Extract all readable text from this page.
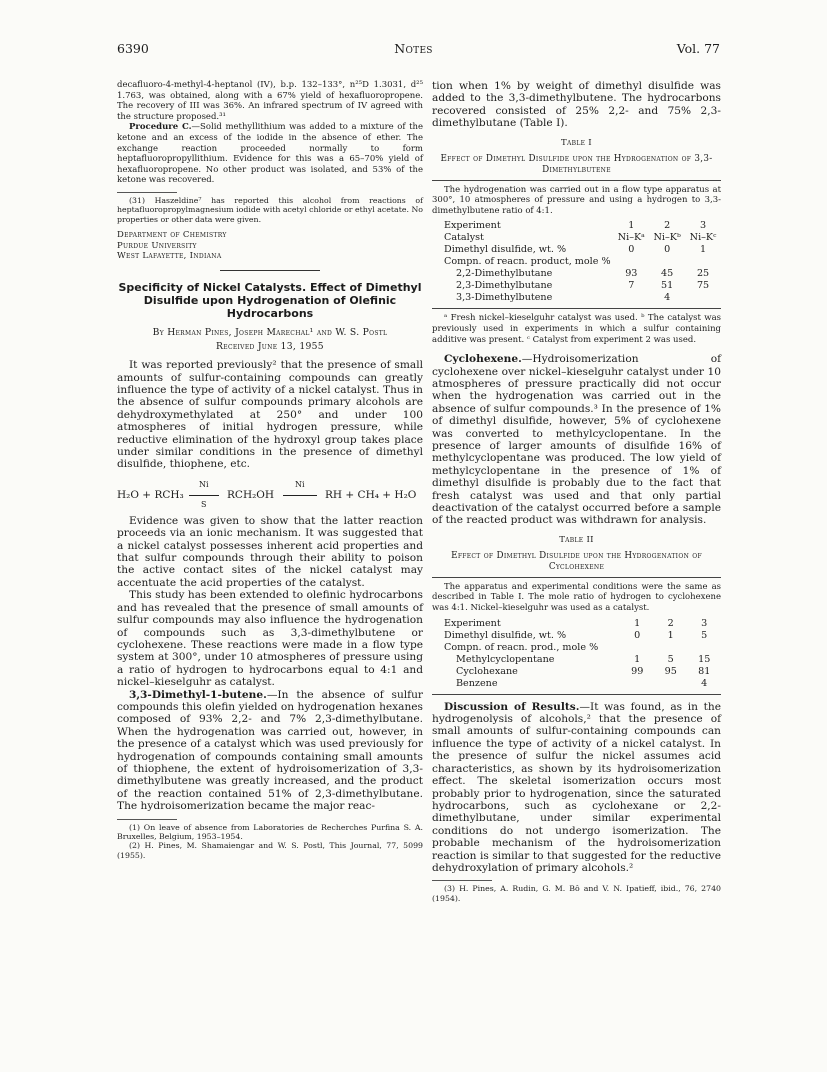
6390	Notes	Vol. 77

decafluoro-4-methyl-4-heptanol (IV), b.p. 132–133°, n²⁵D 1.3031, d²⁵ 1.763, was obtained, along with a 67% yield of hexafluoropropene. The recovery of III was 36%. An infrared spectrum of IV agreed with the structure proposed.³¹

Procedure C.—Solid methyllithium was added to a mixture of the ketone and an excess of the iodide in the absence of ether. The exchange reaction proceeded normally to form heptafluoropropyllithium. Evidence for this was a 65–70% yield of hexafluoropropene. No other product was isolated, and 53% of the ketone was recovered.

(31) Haszeldine⁷ has reported this alcohol from reactions of heptafluoropropylmagnesium iodide with acetyl chloride or ethyl acetate. No properties or other data were given.

Department of Chemistry
Purdue University
West Lafayette, Indiana
Specificity of Nickel Catalysts. Effect of Dimethyl Disulfide upon Hydrogenation of Olefinic Hydrocarbons
By Herman Pines, Joseph Marechal¹ and W. S. Postl
Received June 13, 1955

It was reported previously² that the presence of small amounts of sulfur-containing compounds can greatly influence the type of activity of a nickel catalyst. Thus in the absence of sulfur compounds primary alcohols are dehydroxymethylated at 250° and under 100 atmospheres of initial hydrogen pressure, while reductive elimination of the hydroxyl group takes place under similar conditions in the presence of dimethyl disulfide, thiophene, etc.

H₂O + RCH₃
Ni
S
RCH₂OH
Ni
RH + CH₄ + H₂O

Evidence was given to show that the latter reaction proceeds via an ionic mechanism. It was suggested that a nickel catalyst possesses inherent acid properties and that sulfur compounds through their ability to poison the active contact sites of the nickel catalyst may accentuate the acid properties of the catalyst.

This study has been extended to olefinic hydrocarbons and has revealed that the presence of small amounts of sulfur compounds may also influence the hydrogenation of compounds such as 3,3-dimethylbutene or cyclohexene. These reactions were made in a flow type system at 300°, under 10 atmospheres of pressure using a ratio of hydrogen to hydrocarbons equal to 4:1 and nickel–kieselguhr as catalyst.

3,3-Dimethyl-1-butene.—In the absence of sulfur compounds this olefin yielded on hydrogenation hexanes composed of 93% 2,2- and 7% 2,3-dimethylbutane. When the hydrogenation was carried out, however, in the presence of a catalyst which was used previously for hydrogenation of compounds containing small amounts of thiophene, the extent of hydroisomerization of 3,3-dimethylbutene was greatly increased, and the product of the reaction contained 51% of 2,3-dimethylbutane. The hydroisomerization became the major reac-

(1) On leave of absence from Laboratories de Recherches Purfina S. A. Bruxelles, Belgium, 1953–1954.

(2) H. Pines, M. Shamaiengar and W. S. Postl, This Journal, 77, 5099 (1955).

tion when 1% by weight of dimethyl disulfide was added to the 3,3-dimethylbutene. The hydrocarbons recovered consisted of 25% 2,2- and 75% 2,3-dimethylbutane (Table I).

Table I
Effect of Dimethyl Disulfide upon the Hydrogenation of 3,3-Dimethylbutene

The hydrogenation was carried out in a flow type apparatus at 300°, 10 atmospheres of pressure and using a hydrogen to 3,3-dimethylbutene ratio of 4:1.

Experiment	1	2	3
Catalyst	Ni–Kᵃ	Ni–Kᵇ	Ni–Kᶜ
Dimethyl disulfide, wt. %	0	0	1
Compn. of reacn. product, mole %			
2,2-Dimethylbutane	93	45	25
2,3-Dimethylbutane	7	51	75
3,3-Dimethylbutene		4	

ᵃ Fresh nickel–kieselguhr catalyst was used. ᵇ The catalyst was previously used in experiments in which a sulfur containing additive was present. ᶜ Catalyst from experiment 2 was used.

Cyclohexene.—Hydroisomerization of cyclohexene over nickel–kieselguhr catalyst under 10 atmospheres of pressure practically did not occur when the hydrogenation was carried out in the absence of sulfur compounds.³ In the presence of 1% of dimethyl disulfide, however, 5% of cyclohexene was converted to methylcyclopentane. In the presence of larger amounts of disulfide 16% of methylcyclopentane was produced. The low yield of methylcyclopentane in the presence of 1% of dimethyl disulfide is probably due to the fact that fresh catalyst was used and that only partial deactivation of the catalyst occurred before a sample of the reacted product was withdrawn for analysis.

Table II
Effect of Dimethyl Disulfide upon the Hydrogenation of Cyclohexene

The apparatus and experimental conditions were the same as described in Table I. The mole ratio of hydrogen to cyclohexene was 4:1. Nickel–kieselguhr was used as a catalyst.

Experiment	1	2	3
Dimethyl disulfide, wt. %	0	1	5
Compn. of reacn. prod., mole %			
Methylcyclopentane	1	5	15
Cyclohexane	99	95	81
Benzene			4

Discussion of Results.—It was found, as in the hydrogenolysis of alcohols,² that the presence of small amounts of sulfur-containing compounds can influence the type of activity of a nickel catalyst. In the presence of sulfur the nickel assumes acid characteristics, as shown by its hydroisomerization effect. The skeletal isomerization occurs most probably prior to hydrogenation, since the saturated hydrocarbons, such as cyclohexane or 2,2-dimethylbutane, under similar experimental conditions do not undergo isomerization. The probable mechanism of the hydroisomerization reaction is similar to that suggested for the reductive dehydroxylation of primary alcohols.²

(3) H. Pines, A. Rudin, G. M. Bô and V. N. Ipatieff, ibid., 76, 2740 (1954).
